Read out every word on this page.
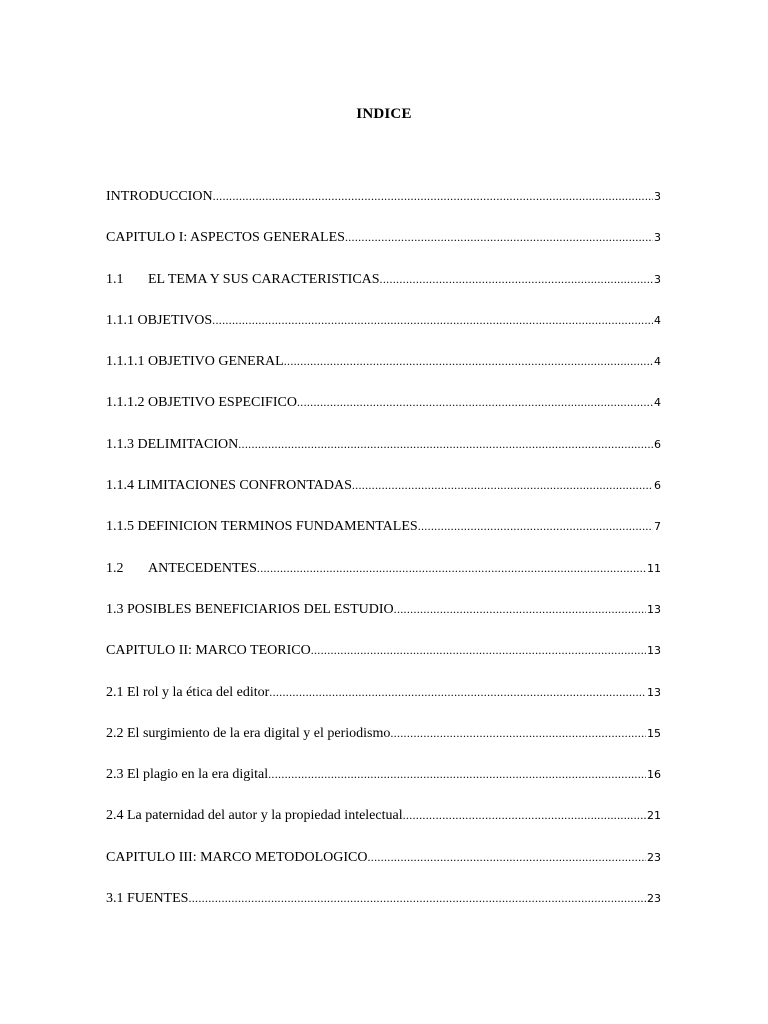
INDICE
INTRODUCCION .....	3
CAPITULO I: ASPECTOS GENERALES .....	3
1.1	EL TEMA Y SUS CARACTERISTICAS .....	3
1.1.1 OBJETIVOS .....	4
1.1.1.1 OBJETIVO GENERAL .....	4
1.1.1.2 OBJETIVO ESPECIFICO .....	4
1.1.3 DELIMITACION .....	6
1.1.4 LIMITACIONES CONFRONTADAS .....	6
1.1.5 DEFINICION TERMINOS FUNDAMENTALES .....	7
1.2	ANTECEDENTES .....	11
1.3 POSIBLES BENEFICIARIOS DEL ESTUDIO .....	13
CAPITULO II: MARCO TEORICO .....	13
2.1 El rol y la ética del editor .....	13
2.2 El surgimiento de la era digital y el periodismo .....	15
2.3 El plagio en la era digital .....	16
2.4 La paternidad del autor y la propiedad intelectual .....	21
CAPITULO III: MARCO METODOLOGICO .....	23
3.1 FUENTES .....	23
